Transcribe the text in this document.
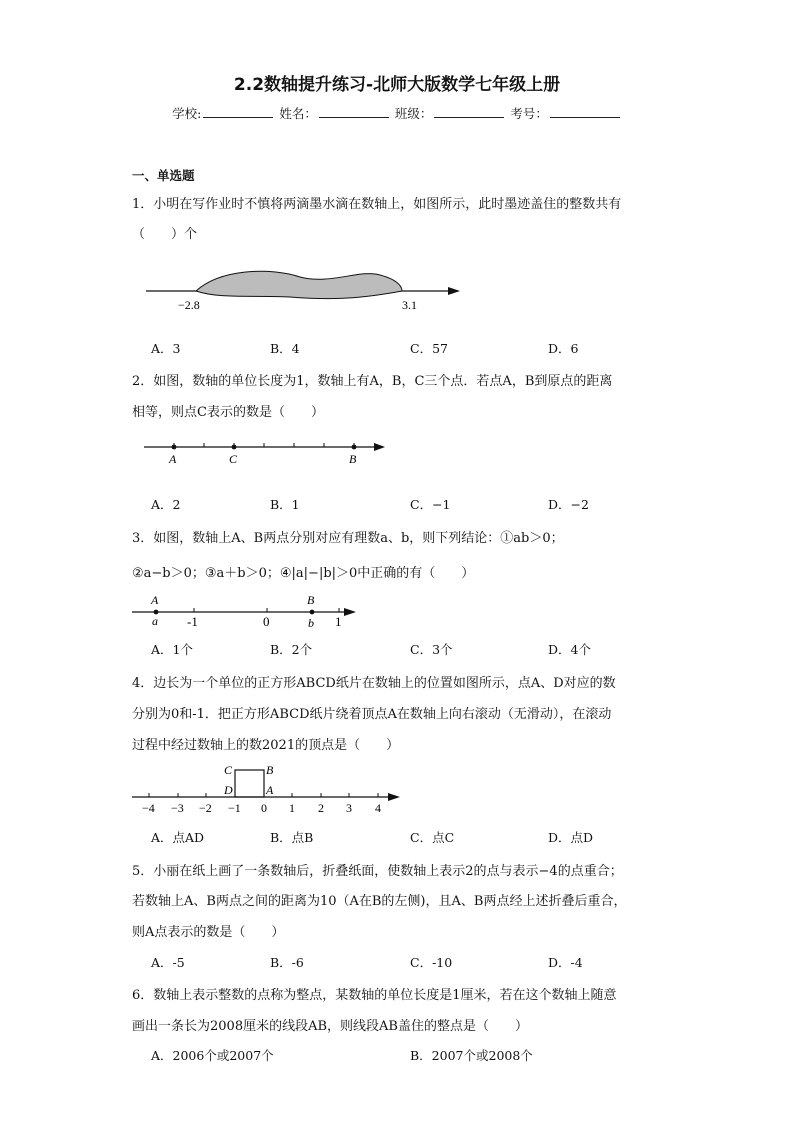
2.2数轴提升练习-北师大版数学七年级上册
学校:	姓名：	班级：	考号：
一、单选题
1．小明在写作业时不慎将两滴墨水滴在数轴上，如图所示，此时墨迹盖住的整数共有
（　　）个
−2.8	3.1
A．3	B．4	C．57	D．6
2．如图，数轴的单位长度为1，数轴上有A，B，C三个点．若点A，B到原点的距离
相等，则点C表示的数是（　　）
A	C	B
A．2	B．1	C．−1	D．−2
3．如图，数轴上A、B两点分别对应有理数a、b，则下列结论：①ab＞0；
②a−b＞0；③a＋b＞0；④|a|−|b|＞0中正确的有（　　）
A	B
a -1	0	b 1
A．1个	B．2个	C．3个	D．4个
4．边长为一个单位的正方形ABCD纸片在数轴上的位置如图所示，点A、D对应的数
分别为0和-1．把正方形ABCD纸片绕着顶点A在数轴上向右滚动（无滑动），在滚动
过程中经过数轴上的数2021的顶点是（　　）
C	B
D	A
−4 −3 −2 −1 0 1 2 3 4
A．点AD	B．点B	C．点C	D．点D
5．小丽在纸上画了一条数轴后，折叠纸面，使数轴上表示2的点与表示−4的点重合；
若数轴上A、B两点之间的距离为10（A在B的左侧)，且A、B两点经上述折叠后重合，
则A点表示的数是（　　）
A．-5	B．-6	C．-10	D．-4
6．数轴上表示整数的点称为整点，某数轴的单位长度是1厘米，若在这个数轴上随意
画出一条长为2008厘米的线段AB，则线段AB盖住的整点是（　　）
A．2006个或2007个	B．2007个或2008个
